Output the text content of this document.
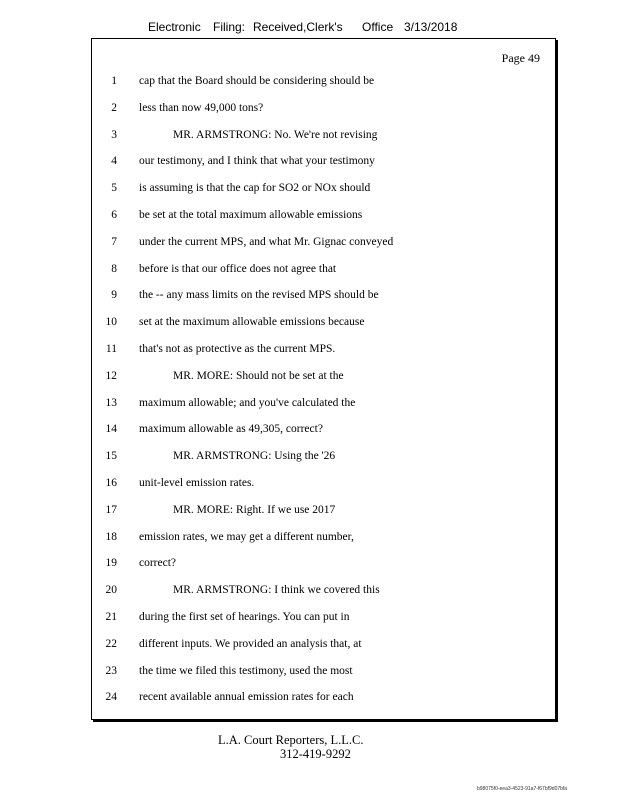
Electronic Filing: Received,Clerk's Office 3/13/2018
Page 49
1 cap that the Board should be considering should be
2 less than now 49,000 tons?
3	MR. ARMSTRONG: No. We're not revising
4 our testimony, and I think that what your testimony
5 is assuming is that the cap for SO2 or NOx should
6 be set at the total maximum allowable emissions
7 under the current MPS, and what Mr. Gignac conveyed
8 before is that our office does not agree that
9 the -- any mass limits on the revised MPS should be
10 set at the maximum allowable emissions because
11 that's not as protective as the current MPS.
12	MR. MORE: Should not be set at the
13 maximum allowable; and you've calculated the
14 maximum allowable as 49,305, correct?
15	MR. ARMSTRONG: Using the '26
16 unit-level emission rates.
17	MR. MORE: Right. If we use 2017
18 emission rates, we may get a different number,
19 correct?
20	MR. ARMSTRONG: I think we covered this
21 during the first set of hearings. You can put in
22 different inputs. We provided an analysis that, at
23 the time we filed this testimony, used the most
24 recent available annual emission rates for each
L.A. Court Reporters, L.L.C.
312-419-9292
b98075f0-eea3-4523-91a7-f67bf9d07bfa
